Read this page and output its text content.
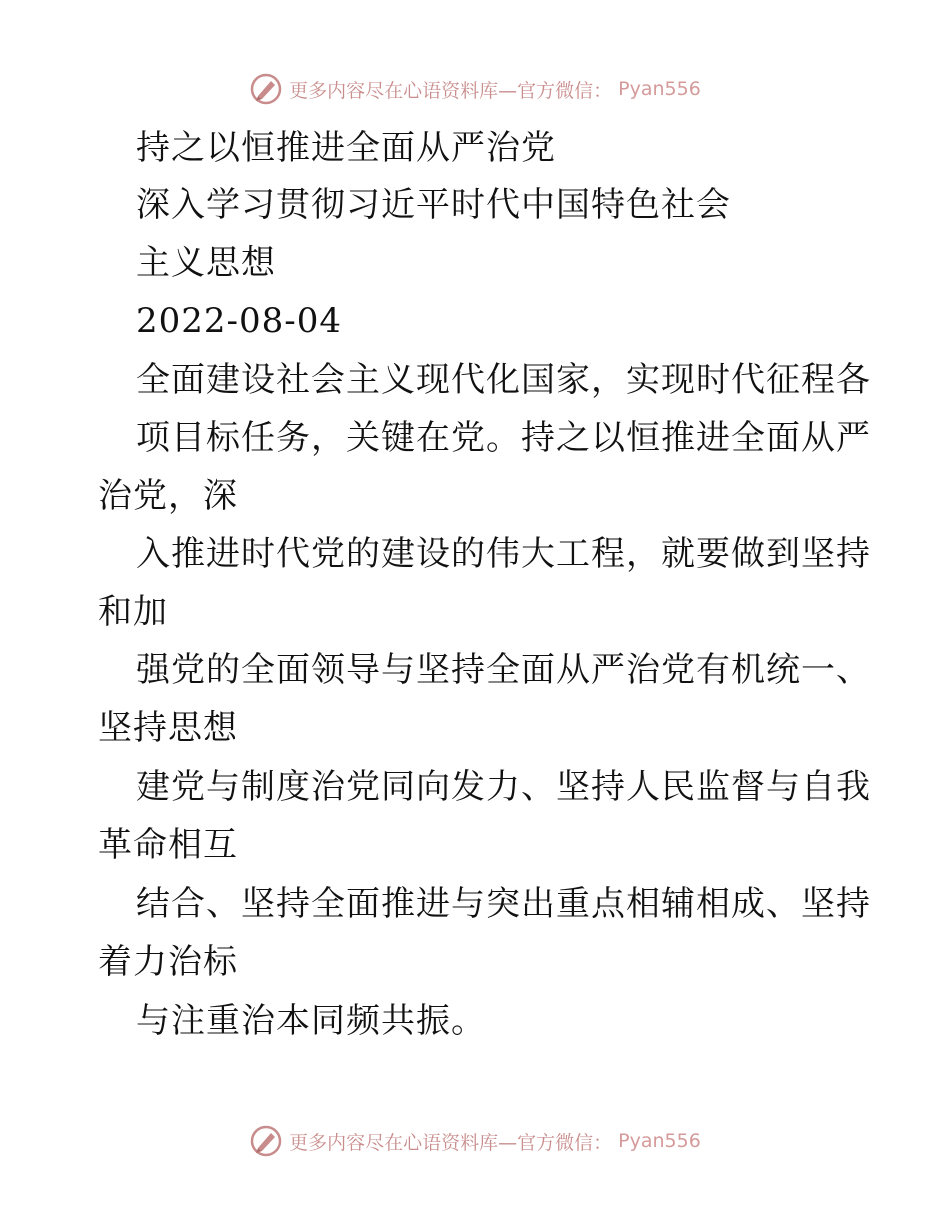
更多内容尽在心语资料库—官方微信： Pyan556
持之以恒推进全面从严治党
深入学习贯彻习近平时代中国特色社会
主义思想
2022-08-04
全面建设社会主义现代化国家，实现时代征程各
项目标任务，关键在党。持之以恒推进全面从严
治党，深
入推进时代党的建设的伟大工程，就要做到坚持
和加
强党的全面领导与坚持全面从严治党有机统一、
坚持思想
建党与制度治党同向发力、坚持人民监督与自我
革命相互
结合、坚持全面推进与突出重点相辅相成、坚持
着力治标
与注重治本同频共振。
更多内容尽在心语资料库—官方微信： Pyan556
